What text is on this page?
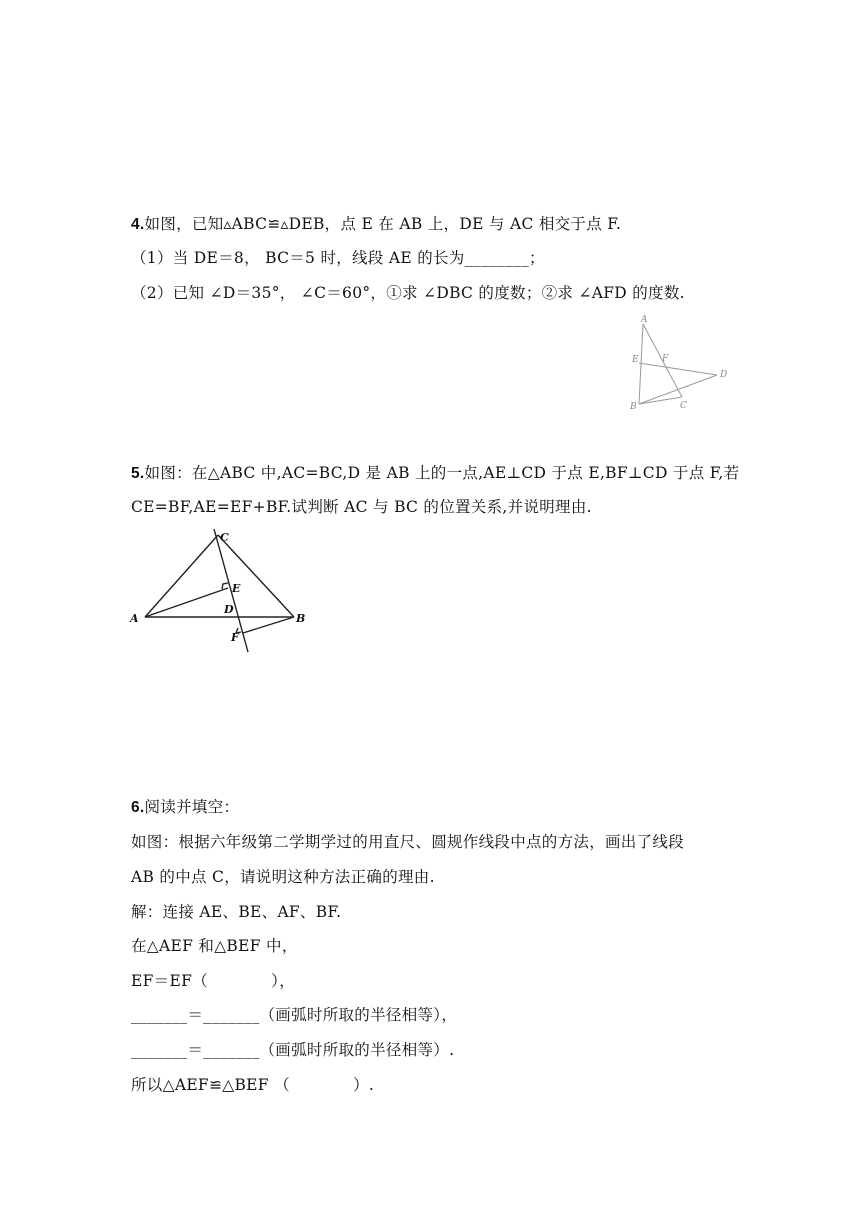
4.如图，已知▵ABC≌▵DEB，点 E 在 AB 上，DE 与 AC 相交于点 F.
（1）当 DE＝8， BC＝5 时，线段 AE 的长为________；
（2）已知 ∠D＝35°， ∠C＝60°，①求 ∠DBC 的度数；②求 ∠AFD 的度数.
A
E	F
D
B	C
5.如图：在△ABC 中,AC=BC,D 是 AB 上的一点,AE⊥CD 于点 E,BF⊥CD 于点 F,若
CE=BF,AE=EF+BF.试判断 AC 与 BC 的位置关系,并说明理由.
C
E
D
A	B
F
6.阅读并填空：
如图：根据六年级第二学期学过的用直尺、圆规作线段中点的方法，画出了线段
AB 的中点 C，请说明这种方法正确的理由.
解：连接 AE、BE、AF、BF.
在△AEF 和△BEF 中，
EF＝EF（　　　　），
_______＝_______（画弧时所取的半径相等），
_______＝_______（画弧时所取的半径相等）.
所以△AEF≌△BEF （　　　　）.
